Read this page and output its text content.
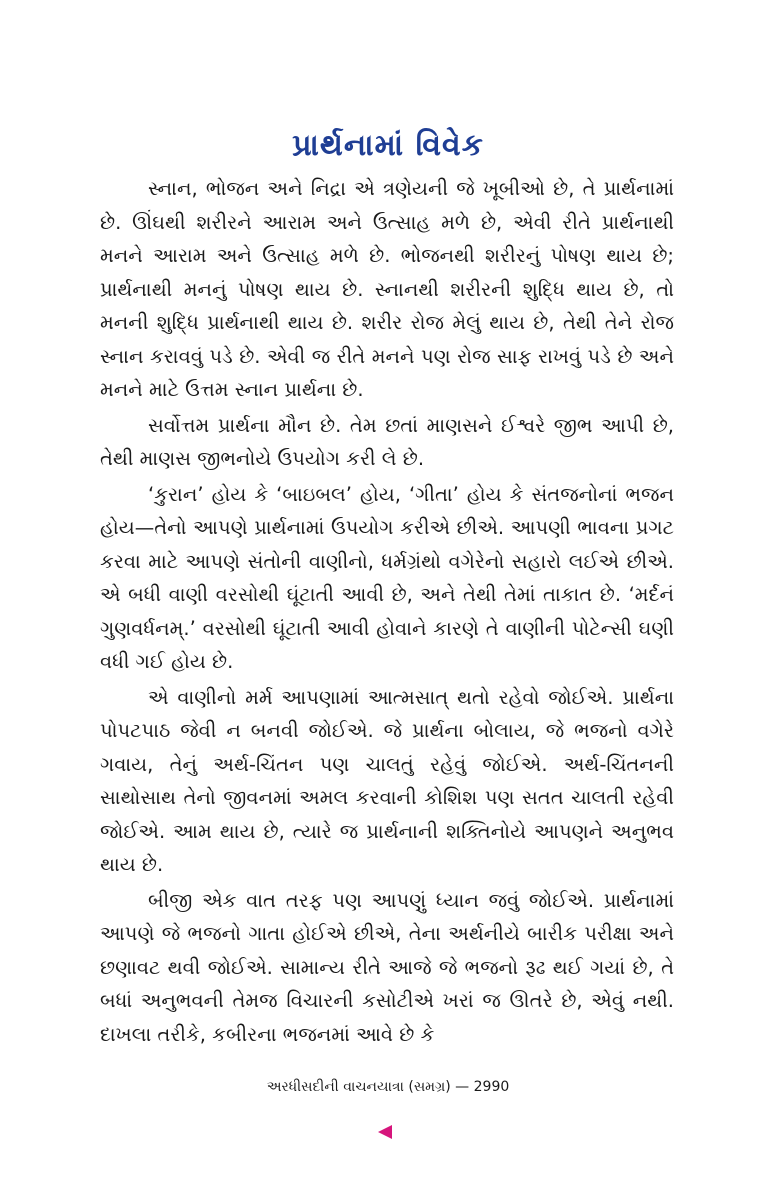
પ્રાર્થનામાં વિવેક

સ્નાન, ભોજન અને નિદ્રા એ ત્રણેયની જે ખૂબીઓ છે, તે પ્રાર્થનામાં છે. ઊંઘથી શરીરને આરામ અને ઉત્સાહ મળે છે, એવી રીતે પ્રાર્થનાથી મનને આરામ અને ઉત્સાહ મળે છે. ભોજનથી શરીરનું પોષણ થાય છે; પ્રાર્થનાથી મનનું પોષણ થાય છે. સ્નાનથી શરીરની શુદ્ધિ થાય છે, તો મનની શુદ્ધિ પ્રાર્થનાથી થાય છે. શરીર રોજ મેલું થાય છે, તેથી તેને રોજ સ્નાન કરાવવું પડે છે. એવી જ રીતે મનને પણ રોજ સાફ રાખવું પડે છે અને મનને માટે ઉત્તમ સ્નાન પ્રાર્થના છે.

સર્વોત્તમ પ્રાર્થના મૌન છે. તેમ છતાં માણસને ઈશ્વરે જીભ આપી છે, તેથી માણસ જીભનોયે ઉપયોગ કરી લે છે.

‘કુરાન’ હોય કે ‘બાઇબલ’ હોય, ‘ગીતા’ હોય કે સંતજનોનાં ભજન હોય—તેનો આપણે પ્રાર્થનામાં ઉપયોગ કરીએ છીએ. આપણી ભાવના પ્રગટ કરવા માટે આપણે સંતોની વાણીનો, ધર્મગ્રંથો વગેરેનો સહારો લઈએ છીએ. એ બધી વાણી વરસોથી ઘૂંટાતી આવી છે, અને તેથી તેમાં તાકાત છે. ‘મર્દનં ગુણવર્ધનમ્.’ વરસોથી ઘૂંટાતી આવી હોવાને કારણે તે વાણીની પોટેન્સી ઘણી વધી ગઈ હોય છે.

એ વાણીનો મર્મ આપણામાં આત્મસાત્ થતો રહેવો જોઈએ. પ્રાર્થના પોપટપાઠ જેવી ન બનવી જોઈએ. જે પ્રાર્થના બોલાય, જે ભજનો વગેરે ગવાય, તેનું અર્થ-ચિંતન પણ ચાલતું રહેવું જોઈએ. અર્થ-ચિંતનની સાથોસાથ તેનો જીવનમાં અમલ કરવાની કોશિશ પણ સતત ચાલતી રહેવી જોઈએ. આમ થાય છે, ત્યારે જ પ્રાર્થનાની શક્તિનોયે આપણને અનુભવ થાય છે.

બીજી એક વાત તરફ પણ આપણું ધ્યાન જવું જોઈએ. પ્રાર્થનામાં આપણે જે ભજનો ગાતા હોઈએ છીએ, તેના અર્થનીયે બારીક પરીક્ષા અને છણાવટ થવી જોઈએ. સામાન્ય રીતે આજે જે ભજનો રૂઢ થઈ ગયાં છે, તે બધાં અનુભવની તેમજ વિચારની કસોટીએ ખરાં જ ઊતરે છે, એવું નથી. દાખલા તરીકે, કબીરના ભજનમાં આવે છે કે

અરધીસદીની વાચનયાત્રા (સમગ્ર) — 2990
